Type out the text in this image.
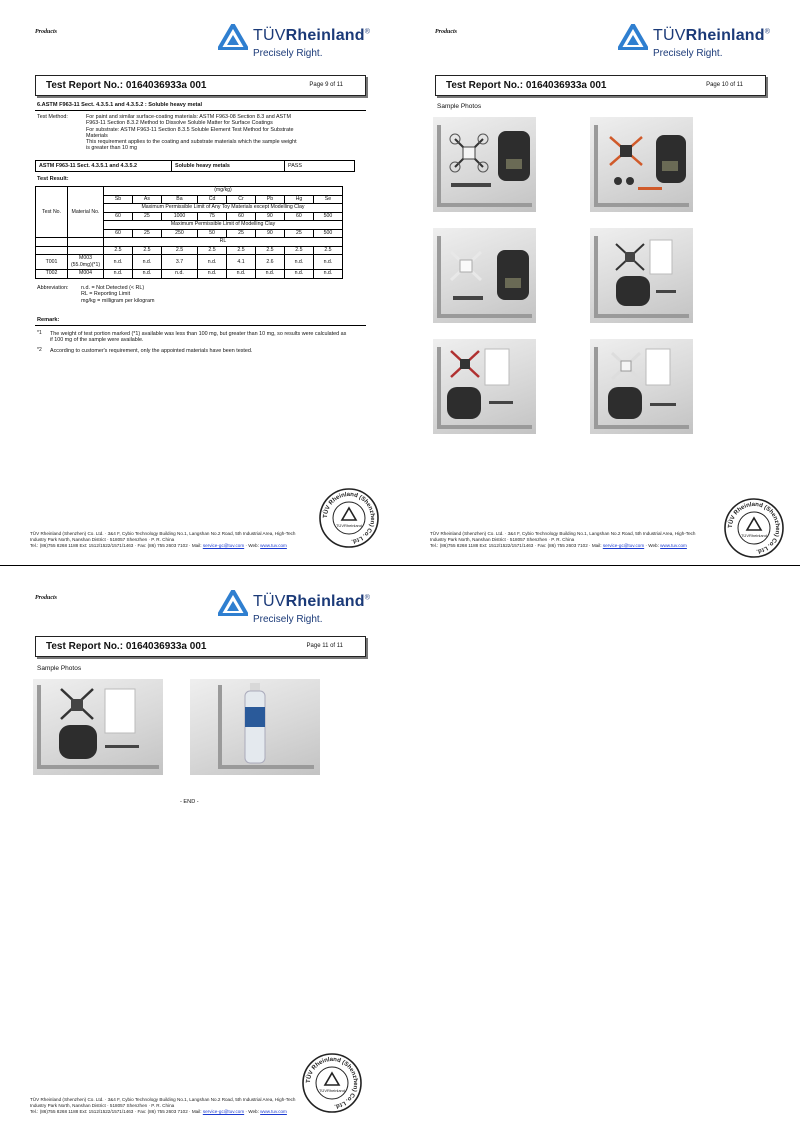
Products	TÜVRheinland®
Precisely Right.
Test Report No.: 0164036933a 001	Page 9 of 11
6.ASTM F963-11 Sect. 4.3.5.1 and 4.3.5.2 : Soluble heavy metal
Test Method:	For paint and similar surface-coating materials: ASTM F963-08 Section 8.3 and ASTM
F963-11 Section 8.3.2 Method to Dissolve Soluble Matter for Surface Coatings
For substrate: ASTM F963-11 Section 8.3.5 Soluble Element Test Method for Substrate
Materials
This requirement applies to the coating and substrate materials which the sample weight
is greater than 10 mg
ASTM F963-11 Sect. 4.3.5.1 and 4.3.5.2	Soluble heavy metals	PASS
Test Result:
Test No.	Material No.	(mg/kg)							
		Sb	As	Ba	Cd	Cr	Pb	Hg	Se
		Maximum Permissible Limit of Any Toy Materials except Modelling Clay							
		60	25	1000	75	60	90	60	500
		Maximum Permissible Limit of Modelling Clay							
		60	25	250	50	25	90	25	500
		RL							
		2.5	2.5	2.5	2.5	2.5	2.5	2.5	2.5
T001	M003 (55.0mg)(*1)	n.d.	n.d.	3.7	n.d.	4.1	2.6	n.d.	n.d.
T002	M004	n.d.	n.d.	n.d.	n.d.	n.d.	n.d.	n.d.	n.d.
Abbreviation: n.d. = Not Detected (< RL)
RL = Reporting Limit
mg/kg = milligram per kilogram
Remark:
*1 The weight of test portion marked (*1) available was less than 100 mg, but greater than 10 mg, so results were calculated as if 100 mg of the sample were available.
*2 According to customer's requirement, only the appointed materials have been tested.
TÜV Rheinland (Shenzhen) Co. Ltd.
TÜVRheinland
TÜV Rheinland (Shenzhen) Co. Ltd. · 3&4 F, Cybio Technology Building No.1, Langshan No.2 Road, 5th Industrial Area, High-Tech
Industry Park North, Nanshan District · 518057 Shenzhen · P. R. China
Tel.: (86)755 8268 1188 Ext: 1512/1522/1571/1463 · Fax: (86) 755 2603 7102 · Mail: service-gc@tuv.com · Web: www.tuv.com
Products	TÜVRheinland®
Precisely Right.
Test Report No.: 0164036933a 001	Page 10 of 11
Sample Photos
TÜV Rheinland (Shenzhen) Co. Ltd.
TÜVRheinland
TÜV Rheinland (Shenzhen) Co. Ltd. · 3&4 F, Cybio Technology Building No.1, Langshan No.2 Road, 5th Industrial Area, High-Tech
Industry Park North, Nanshan District · 518057 Shenzhen · P. R. China
Tel.: (86)755 8268 1188 Ext: 1512/1522/1571/1463 · Fax: (86) 755 2603 7102 · Mail: service-gc@tuv.com · Web: www.tuv.com
Products	TÜVRheinland®
Precisely Right.
Test Report No.: 0164036933a 001	Page 11 of 11
Sample Photos
- END -
TÜV Rheinland (Shenzhen) Co. Ltd.
TÜVRheinland
TÜV Rheinland (Shenzhen) Co. Ltd. · 3&4 F, Cybio Technology Building No.1, Langshan No.2 Road, 5th Industrial Area, High-Tech
Industry Park North, Nanshan District · 518057 Shenzhen · P. R. China
Tel.: (86)755 8268 1188 Ext: 1512/1522/1571/1463 · Fax: (86) 755 2603 7102 · Mail: service-gc@tuv.com · Web: www.tuv.com
